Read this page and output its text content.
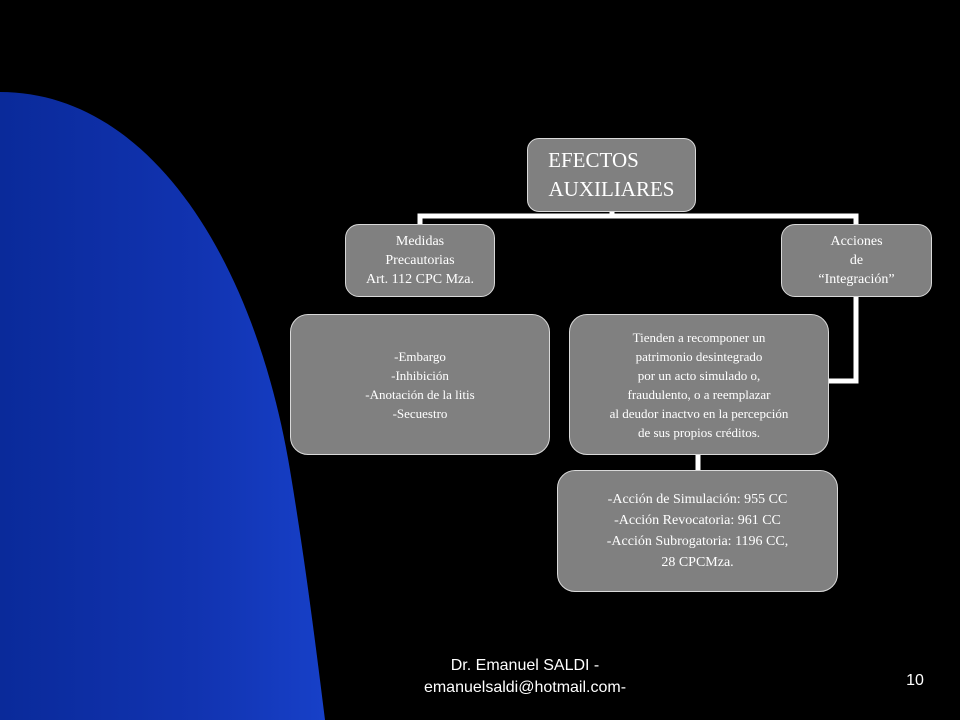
EFECTOS
AUXILIARES
Medidas
Precautorias
Art. 112 CPC Mza.
Acciones
de
“Integración”
-Embargo
-Inhibición
-Anotación de la litis
-Secuestro
Tienden a recomponer un
patrimonio desintegrado
por un acto simulado o,
fraudulento, o a reemplazar
al deudor inactvo en la percepción
de sus propios créditos.
-Acción de Simulación: 955 CC
-Acción Revocatoria: 961 CC
-Acción Subrogatoria: 1196 CC,
28 CPCMza.
Dr. Emanuel SALDI -
emanuelsaldi@hotmail.com-	10
